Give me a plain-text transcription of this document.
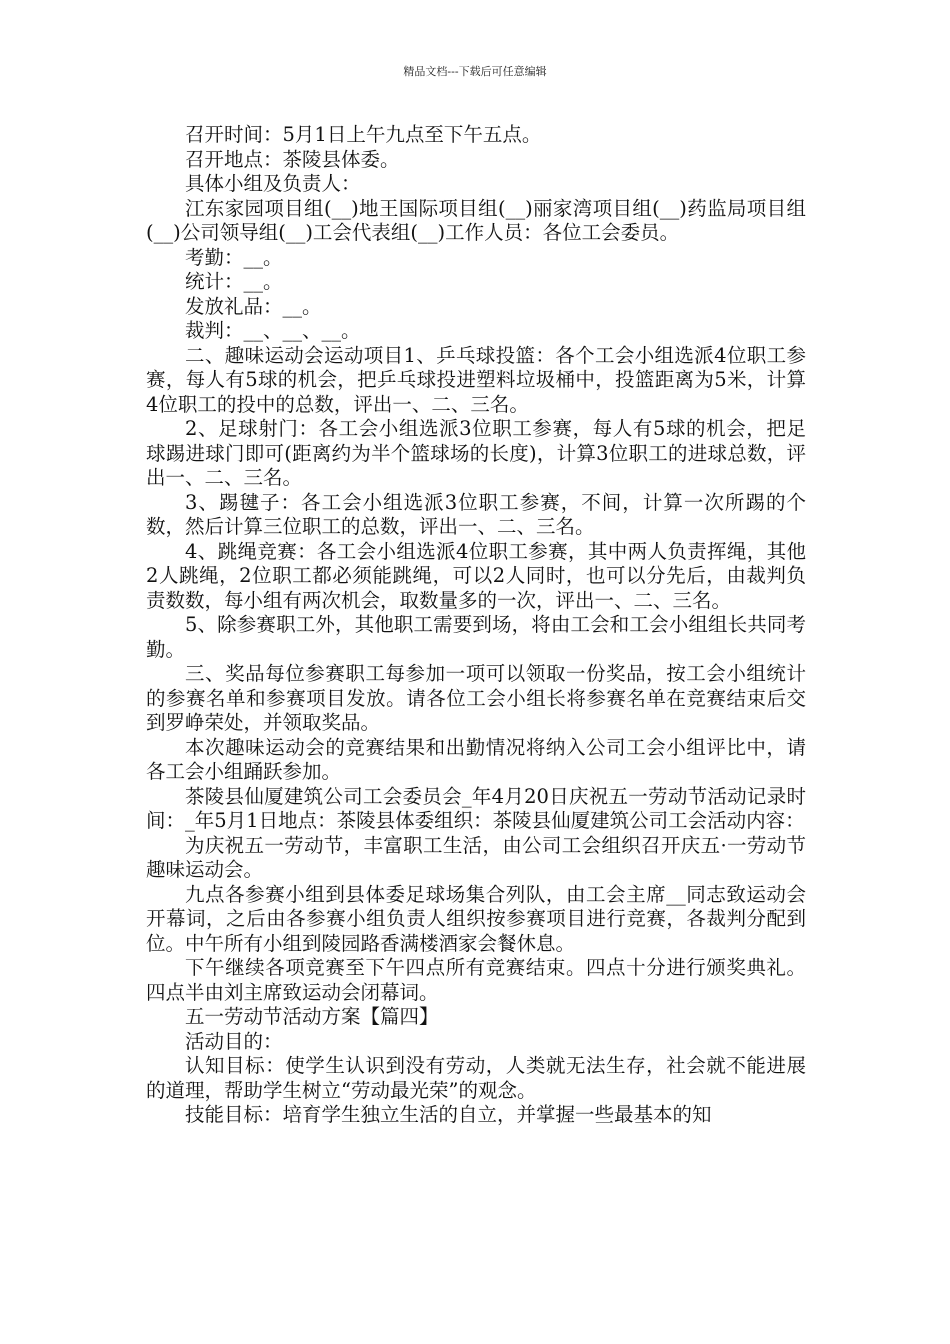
精品文档---下载后可任意编辑

召开时间：5月1日上午九点至下午五点。

召开地点：茶陵县体委。

具体小组及负责人：

江东家园项目组(__)地王国际项目组(__)丽家湾项目组(__)药监局项目组(__)公司领导组(__)工会代表组(__)工作人员：各位工会委员。

考勤：__。

统计：__。

发放礼品：__。

裁判：__、__、__。

二、趣味运动会运动项目1、乒乓球投篮：各个工会小组选派4位职工参赛，每人有5球的机会，把乒乓球投进塑料垃圾桶中，投篮距离为5米，计算4位职工的投中的总数，评出一、二、三名。

2、足球射门：各工会小组选派3位职工参赛，每人有5球的机会，把足球踢进球门即可(距离约为半个篮球场的长度)，计算3位职工的进球总数，评出一、二、三名。

3、踢毽子：各工会小组选派3位职工参赛，不间，计算一次所踢的个数，然后计算三位职工的总数，评出一、二、三名。

4、跳绳竞赛：各工会小组选派4位职工参赛，其中两人负责挥绳，其他2人跳绳，2位职工都必须能跳绳，可以2人同时，也可以分先后，由裁判负责数数，每小组有两次机会，取数量多的一次，评出一、二、三名。

5、除参赛职工外，其他职工需要到场，将由工会和工会小组组长共同考勤。

三、奖品每位参赛职工每参加一项可以领取一份奖品，按工会小组统计的参赛名单和参赛项目发放。请各位工会小组长将参赛名单在竞赛结束后交到罗峥荣处，并领取奖品。

本次趣味运动会的竞赛结果和出勤情况将纳入公司工会小组评比中，请各工会小组踊跃参加。

茶陵县仙厦建筑公司工会委员会_年4月20日庆祝五一劳动节活动记录时间：_年5月1日地点：茶陵县体委组织：茶陵县仙厦建筑公司工会活动内容：

为庆祝五一劳动节，丰富职工生活，由公司工会组织召开庆五·一劳动节趣味运动会。

九点各参赛小组到县体委足球场集合列队，由工会主席__同志致运动会开幕词，之后由各参赛小组负责人组织按参赛项目进行竞赛，各裁判分配到位。中午所有小组到陵园路香满楼酒家会餐休息。

下午继续各项竞赛至下午四点所有竞赛结束。四点十分进行颁奖典礼。四点半由刘主席致运动会闭幕词。

五一劳动节活动方案【篇四】

活动目的：

认知目标：使学生认识到没有劳动，人类就无法生存，社会就不能进展的道理，帮助学生树立“劳动最光荣”的观念。

技能目标：培育学生独立生活的自立，并掌握一些最基本的知
